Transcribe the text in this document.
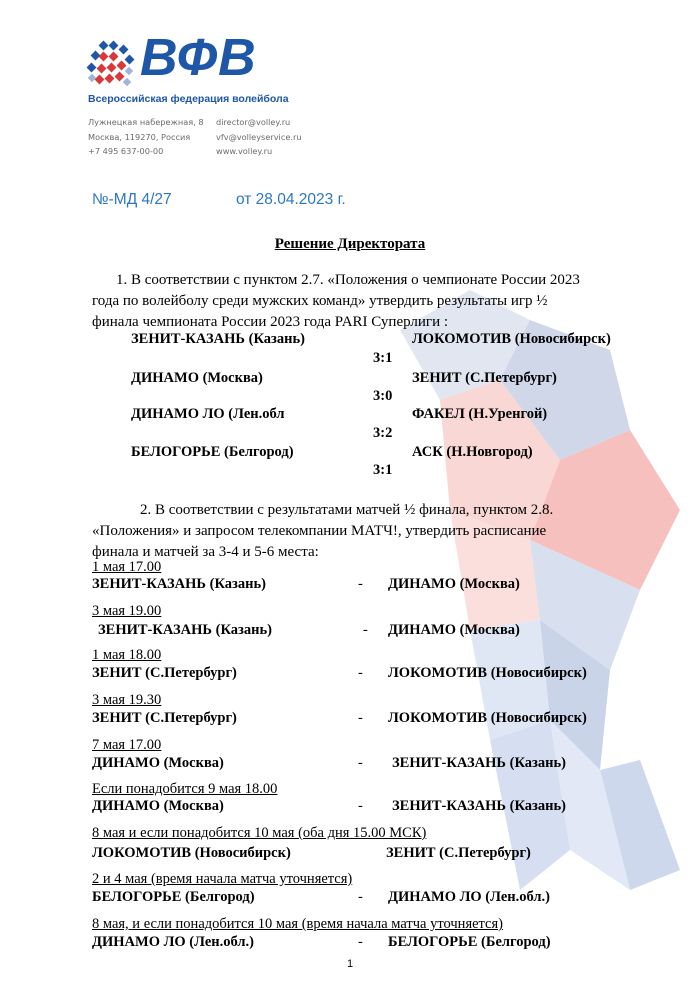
ВФВ
Всероссийская федерация волейбола
Лужнецкая набережная, 8
Москва, 119270, Россия
+7 495 637-00-00
director@volley.ru
vfv@volleyservice.ru
www.volley.ru
№-МД 4/27	от 28.04.2023 г.
Решение Директората

1. В соответствии с пунктом 2.7. «Положения о чемпионате России 2023

года по волейболу среди мужских команд» утвердить результаты игр ½

финала чемпионата России 2023 года PARI Суперлиги :

ЗЕНИТ-КАЗАНЬ (Казань)	ЛОКОМОТИВ (Новосибирск)
3:1
ДИНАМО (Москва)	ЗЕНИТ (С.Петербург)
3:0
ДИНАМО ЛО (Лен.обл	ФАКЕЛ (Н.Уренгой)
3:2
БЕЛОГОРЬЕ (Белгород)	АСК (Н.Новгород)
3:1

2. В соответствии с результатами матчей ½ финала, пунктом 2.8.

«Положения» и запросом телекомпании МАТЧ!, утвердить расписание

финала и матчей за 3-4 и 5-6 места:

1 мая 17.00
ЗЕНИТ-КАЗАНЬ (Казань)	- ДИНАМО (Москва)
3 мая 19.00
ЗЕНИТ-КАЗАНЬ (Казань)	- ДИНАМО (Москва)
1 мая 18.00
ЗЕНИТ (С.Петербург)	- ЛОКОМОТИВ (Новосибирск)
3 мая 19.30
ЗЕНИТ (С.Петербург)	- ЛОКОМОТИВ (Новосибирск)
7 мая 17.00
ДИНАМО (Москва)	- ЗЕНИТ-КАЗАНЬ (Казань)
Если понадобится 9 мая 18.00
ДИНАМО (Москва)	- ЗЕНИТ-КАЗАНЬ (Казань)
8 мая и если понадобится 10 мая (оба дня 15.00 МСК)
ЛОКОМОТИВ (Новосибирск)	ЗЕНИТ (С.Петербург)
2 и 4 мая (время начала матча уточняется)
БЕЛОГОРЬЕ (Белгород)	- ДИНАМО ЛО (Лен.обл.)
8 мая, и если понадобится 10 мая (время начала матча уточняется)
ДИНАМО ЛО (Лен.обл.)	- БЕЛОГОРЬЕ (Белгород)
1
